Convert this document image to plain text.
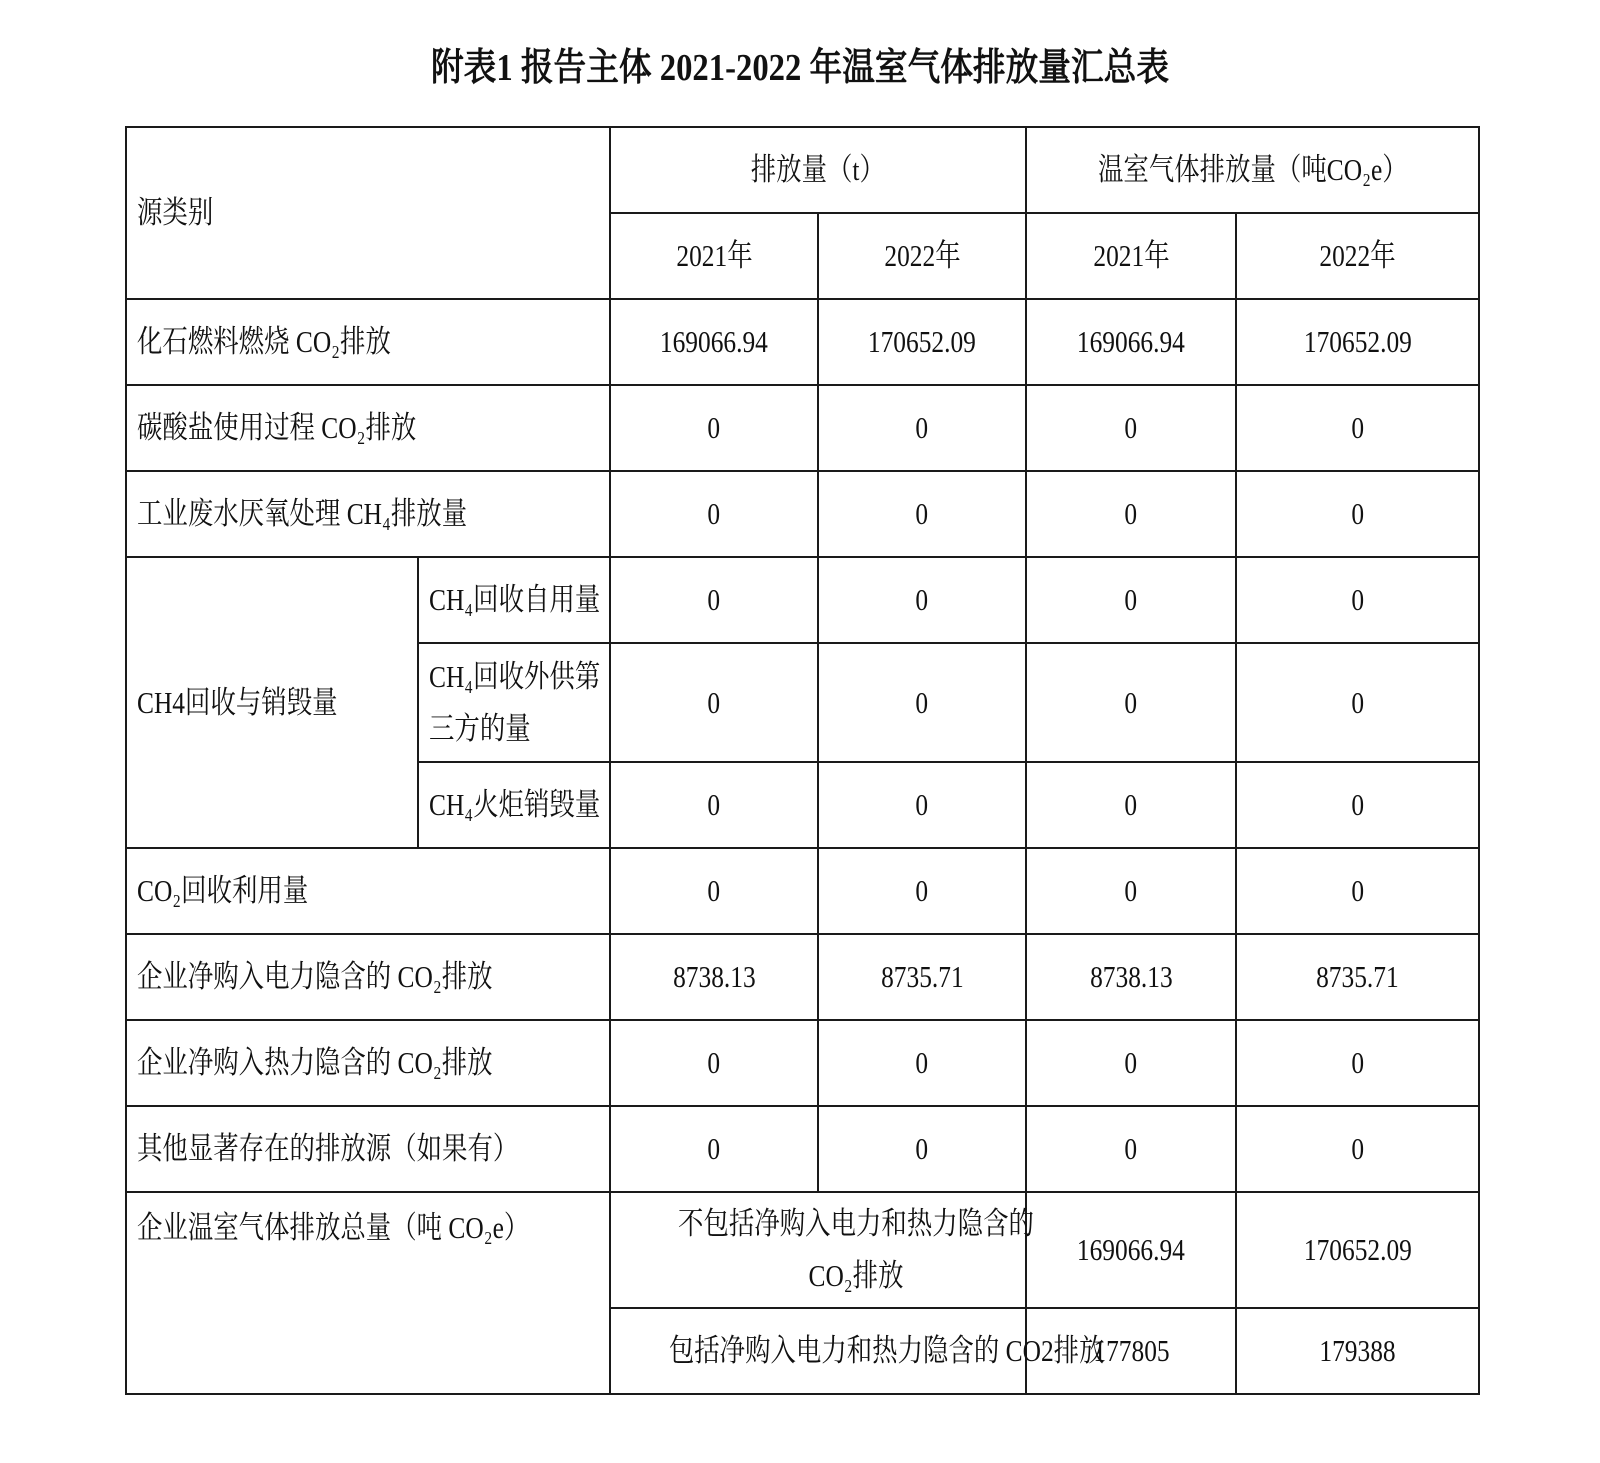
附表1 报告主体 2021-2022 年温室气体排放量汇总表
源类别		排放量（t）		温室气体排放量（吨CO₂e）	
		2021年	2022年	2021年	2022年
化石燃料燃烧 CO₂排放		169066.94	170652.09	169066.94	170652.09
碳酸盐使用过程 CO₂排放		0	0	0	0
工业废水厌氧处理 CH₄排放量		0	0	0	0
CH4回收与销毁量	CH₄回收自用量	0	0	0	0
	CH₄回收外供第三方的量	0	0	0	0
	CH₄火炬销毁量	0	0	0	0
CO₂回收利用量		0	0	0	0
企业净购入电力隐含的 CO₂排放		8738.13	8735.71	8738.13	8735.71
企业净购入热力隐含的 CO₂排放		0	0	0	0
其他显著存在的排放源（如果有）		0	0	0	0
企业温室气体排放总量（吨 CO₂e）		不包括净购入电力和热力隐含的 CO₂排放		169066.94	170652.09
		包括净购入电力和热力隐含的 CO2排放		177805	179388
